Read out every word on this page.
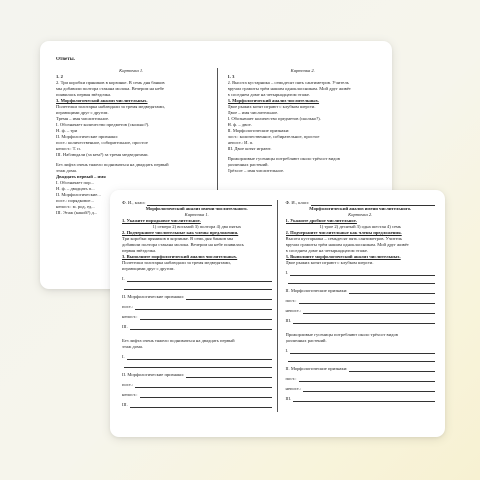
Ответы.
Карточка 1.
1. 2
2. Три коробки пряников в корзинке. В семь дня банков
мы добавили полтора стакана молока. Вечером на небе
появилась первая звёздочка.
3. Морфологический анализ числительных.
Полетелки золотарка наблюдали за тремя медведятами,
играющими друг с другом.
Тремя – имя числительное.
I. Обозначает количество предметов (сколько?).
Н. ф. – три
II. Морфологические признаки:
пост.: количественное, собирательное, простое
непост.: Т. п.
III. Наблюдали (за кем?) за тремя медведятами.
Без лифта очень тяжело подниматься на двадцать первый
этаж дома.
Двадцать первый – имя
I. Обозначает пор...
Н. ф. – двадцать п...
II. Морфологические...
пост.: порядковое...
непост.: м. род, ед...
III. Этаж (какой?) д...
Карточка 2.
1. 3
2. Высота кустарника – семьдесят пять сантиметров. Учитель
вручил грамоты трём нашим одноклассникам. Мой друг живёт
в соседнем доме на четырнадцатом этаже.
3. Морфологический анализ числительных.
Двое рыжих котят играют с клубком шерсти.
Двое – имя числительное.
I. Обозначает количество предметов (сколько?).
Н. ф. – двое.
II. Морфологические признаки:
пост.: количественное, собирательное, простое
непост.: И. п.
III. Двое котят играют.
Прожорливые гусеницы потребляют около трёхсот видов
различных растений.
Трёхсот – имя числительное.
Ф. И., класс
Морфологический анализ имени числительного.
Карточка 1.
1. Укажите порядковое числительное.
1) семеро 2) восьмой 3) полтора 4) два пятых
2. Подчеркните числительные как члены предложения.
Три коробки пряников в корзинке. В семь дня банков мы
добавили полтора стакана молока. Вечером на небе появилась
первая звёздочка.
3. Выполните морфологический анализ числительных.
Полетелки золотарка наблюдали за тремя медведятами,
играющими друг с другом.
I.
II. Морфологические признаки:
пост.:
непост.:
III.
Без лифта очень тяжело подниматься на двадцать первый
этаж дома.
I.
II. Морфологические признаки:
пост.:
непост.:
III.
Ф. И., класс
Морфологический анализ имени числительного.
Карточка 2.
1. Укажите дробное числительное.
1) трое 2) десятый 3) одна шестая 4) семь
2. Подчеркните числительные как члены предложения.
Высота кустарника – семьдесят пять сантиметров. Учитель
вручил грамоты трём нашим одноклассникам. Мой друг живёт
в соседнем доме на четырнадцатом этаже.
3. Выполните морфологический анализ числительных.
Двое рыжих котят играют с клубком шерсти.
I.
II. Морфологические признаки:
пост.:
непост.:
III.
Прожорливые гусеницы потребляют около трёхсот видов
различных растений.
I.
II. Морфологические признаки:
пост.:
непост.:
III.
